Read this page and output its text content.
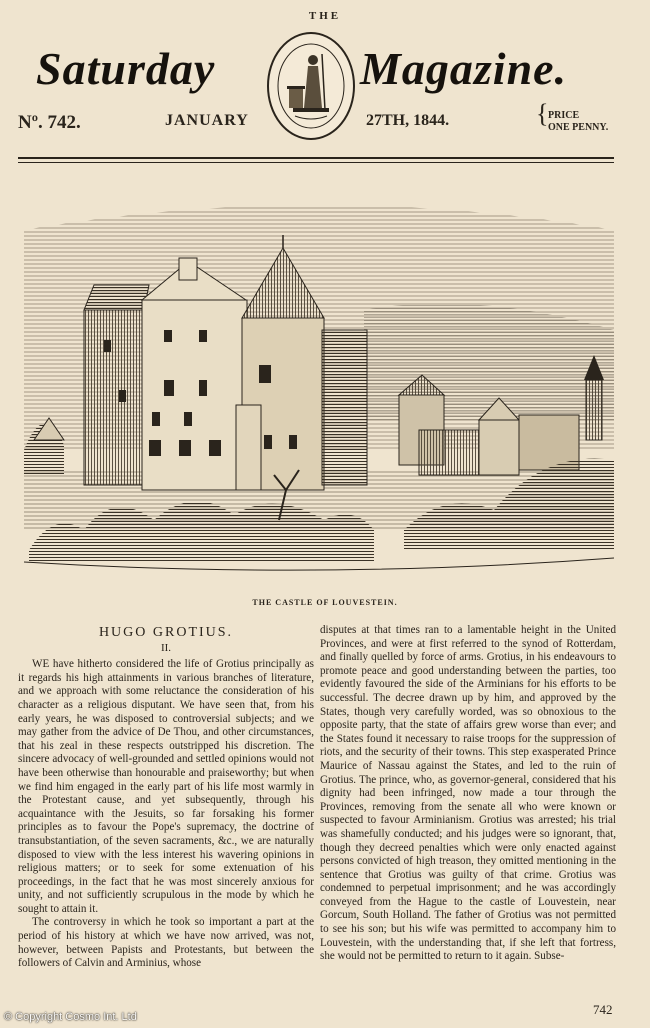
THE
Saturday	Magazine.
Nº. 742.	JANUARY	27TH, 1844.	{ PRICE
ONE PENNY.
THE CASTLE OF LOUVESTEIN.
HUGO GROTIUS.
II.

WE have hitherto considered the life of Grotius principally as it regards his high attainments in various branches of literature, and we approach with some reluctance the consideration of his character as a religious disputant. We have seen that, from his early years, he was disposed to controversial subjects; and we may gather from the advice of De Thou, and other circumstances, that his zeal in these respects outstripped his discretion. The sincere advocacy of well-grounded and settled opinions would not have been otherwise than honourable and praiseworthy; but when we find him engaged in the early part of his life most warmly in the Protestant cause, and yet subsequently, through his acquaintance with the Jesuits, so far forsaking his former principles as to favour the Pope's supremacy, the doctrine of transubstantiation, of the seven sacraments, &c., we are naturally disposed to view with the less interest his wavering opinions in religious matters; or to seek for some extenuation of his proceedings, in the fact that he was most sincerely anxious for unity, and not sufficiently scrupulous in the mode by which he sought to attain it.

The controversy in which he took so important a part at the period of his history at which we have now arrived, was not, however, between Papists and Protestants, but between the followers of Calvin and Arminius, whose

disputes at that times ran to a lamentable height in the United Provinces, and were at first referred to the synod of Rotterdam, and finally quelled by force of arms. Grotius, in his endeavours to promote peace and good understanding between the parties, too evidently favoured the side of the Arminians for his efforts to be successful. The decree drawn up by him, and approved by the States, though very carefully worded, was so obnoxious to the opposite party, that the state of affairs grew worse than ever; and the States found it necessary to raise troops for the suppression of riots, and the security of their towns. This step exasperated Prince Maurice of Nassau against the States, and led to the ruin of Grotius. The prince, who, as governor-general, considered that his dignity had been infringed, now made a tour through the Provinces, removing from the senate all who were known or suspected to favour Arminianism. Grotius was arrested; his trial was shamefully conducted; and his judges were so ignorant, that, though they decreed penalties which were only enacted against persons convicted of high treason, they omitted mentioning in the sentence that Grotius was guilty of that crime. Grotius was condemned to perpetual imprisonment; and he was accordingly conveyed from the Hague to the castle of Louvestein, near Gorcum, South Holland. The father of Grotius was not permitted to see his son; but his wife was permitted to accompany him to Louvestein, with the understanding that, if she left that fortress, she would not be permitted to return to it again. Subse-

742
© Copyright Cosmo Int. Ltd
